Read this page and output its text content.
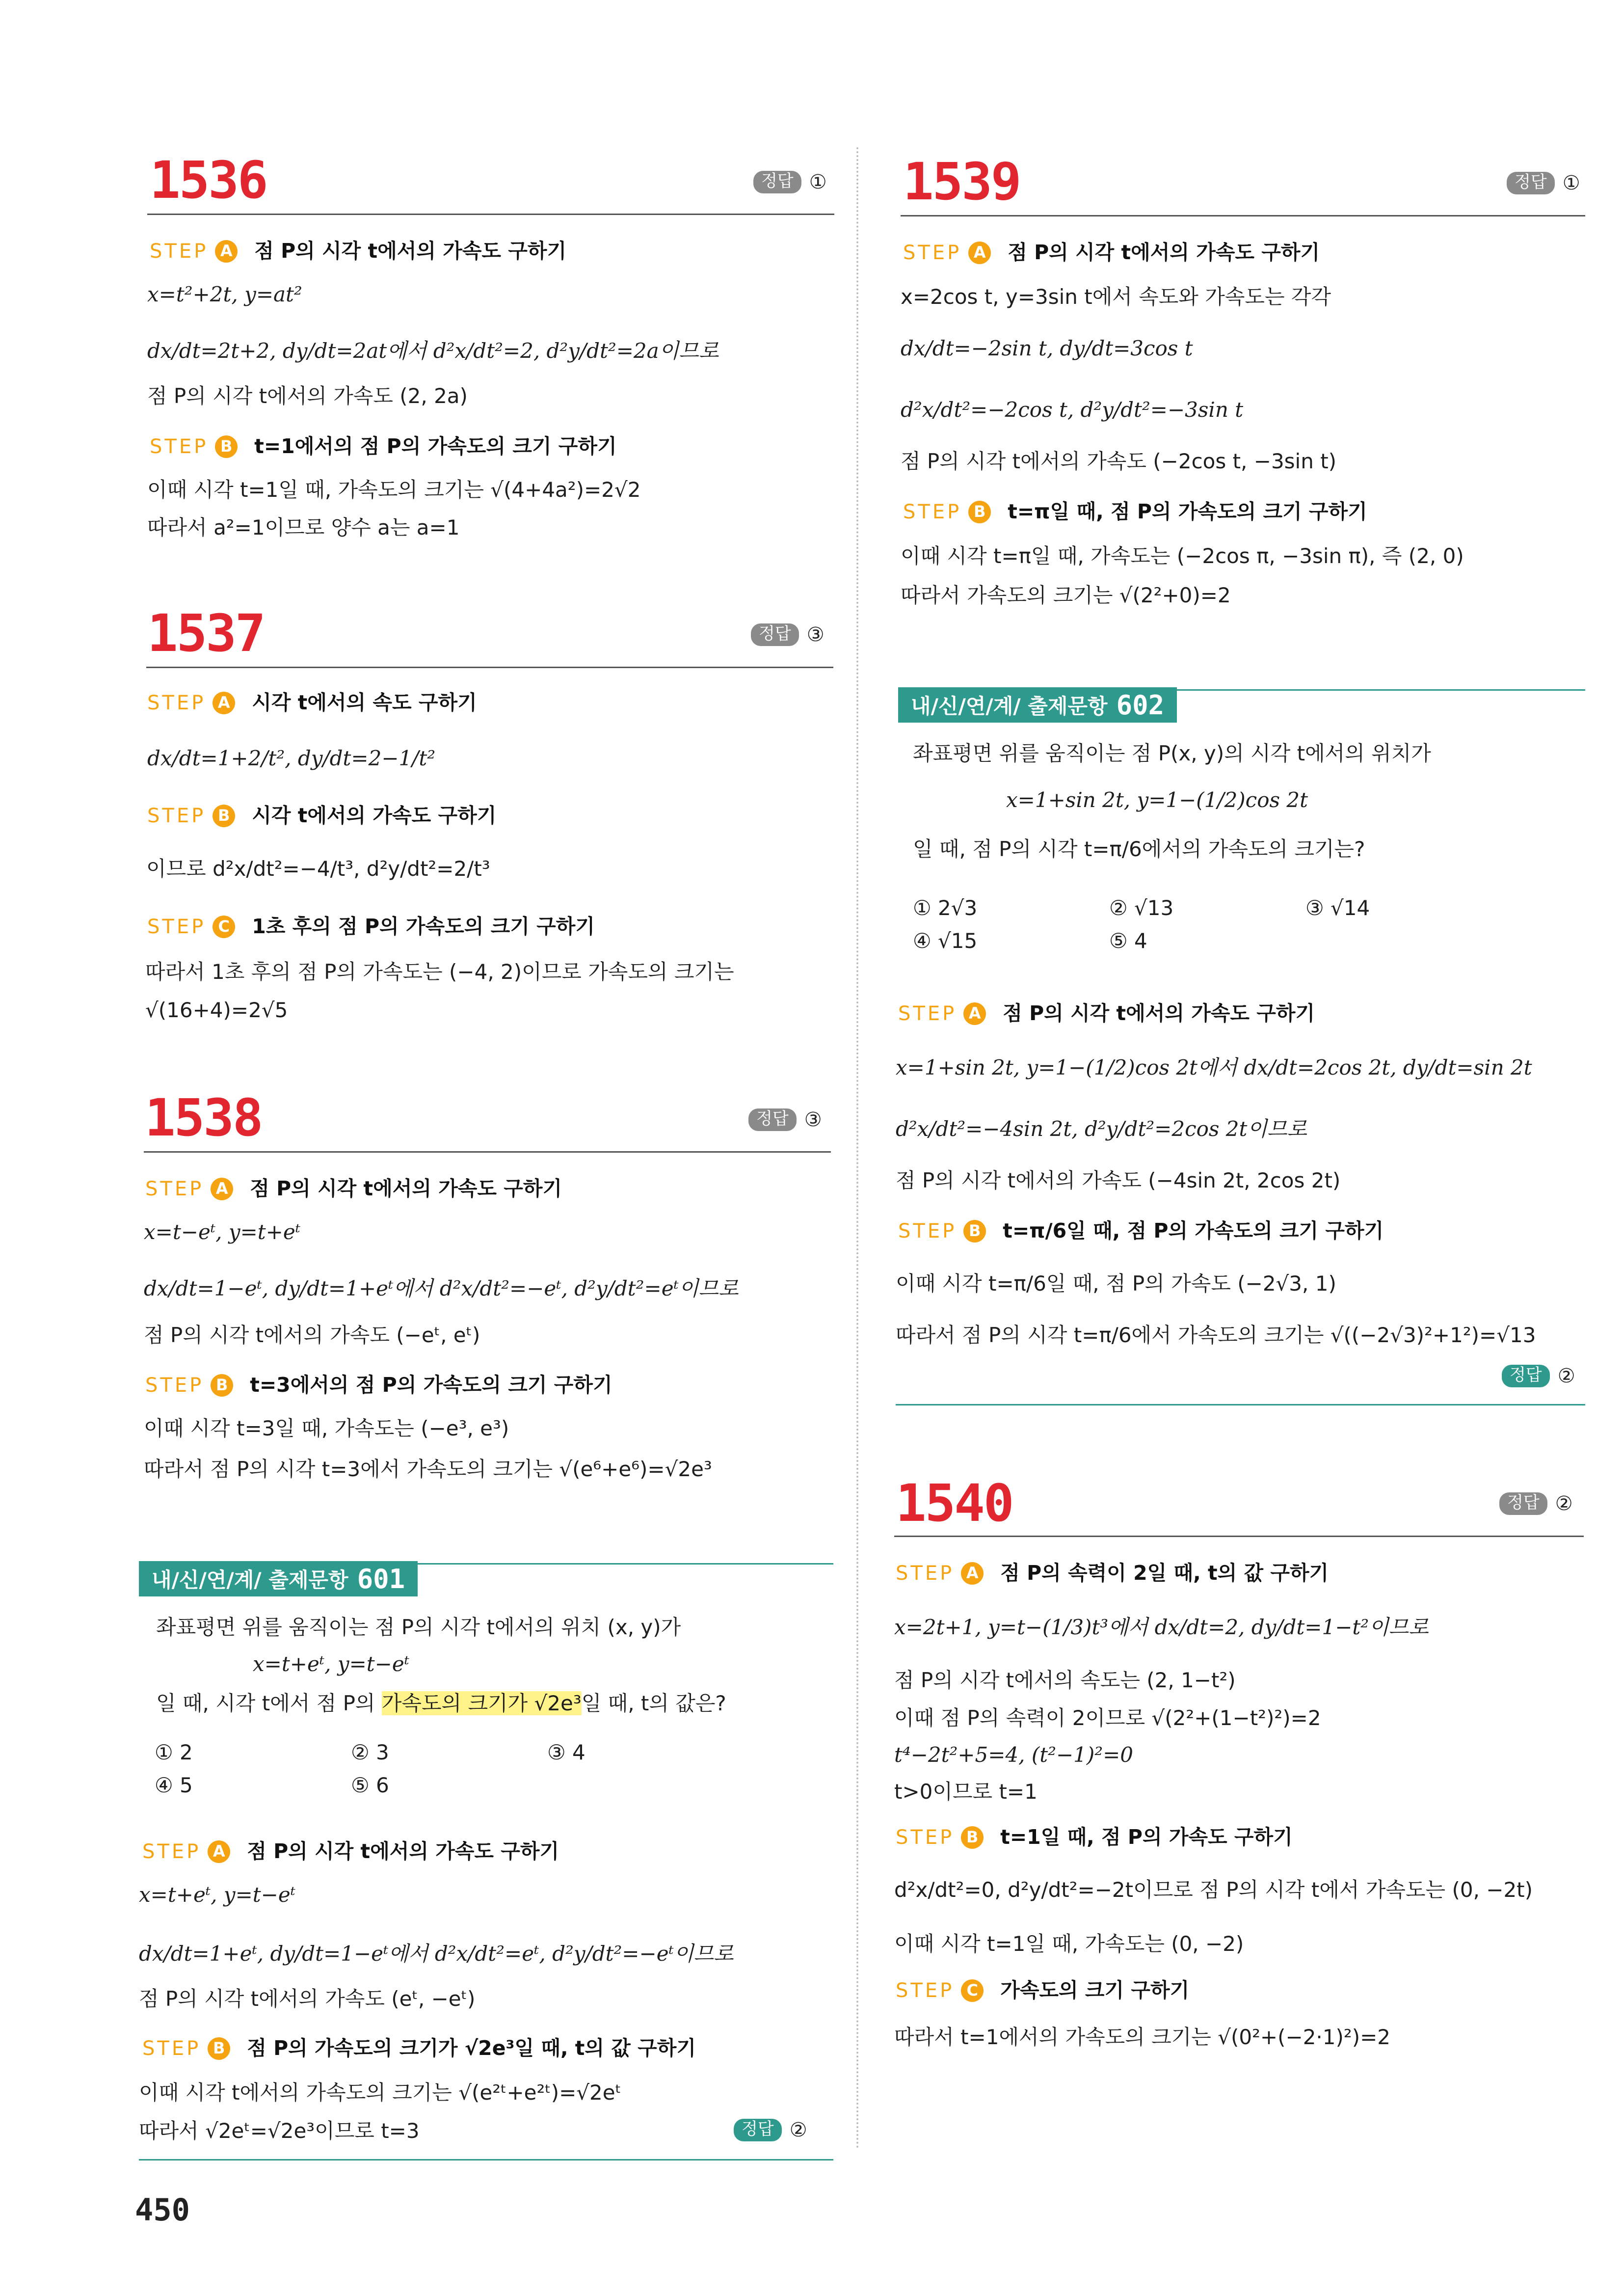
1536	정답 ①
STEP A 점 P의 시각 t에서의 가속도 구하기
x=t²+2t, y=at²
dx/dt=2t+2, dy/dt=2at에서 d²x/dt²=2, d²y/dt²=2a이므로
점 P의 시각 t에서의 가속도 (2, 2a)
STEP B t=1에서의 점 P의 가속도의 크기 구하기
이때 시각 t=1일 때, 가속도의 크기는 √(4+4a²)=2√2
따라서 a²=1이므로 양수 a는 a=1
1537	정답 ③
STEP A 시각 t에서의 속도 구하기
dx/dt=1+2/t², dy/dt=2−1/t²
STEP B 시각 t에서의 가속도 구하기
이므로 d²x/dt²=−4/t³, d²y/dt²=2/t³
STEP C 1초 후의 점 P의 가속도의 크기 구하기
따라서 1초 후의 점 P의 가속도는 (−4, 2)이므로 가속도의 크기는
√(16+4)=2√5
1538	정답 ③
STEP A 점 P의 시각 t에서의 가속도 구하기
x=t−eᵗ, y=t+eᵗ
dx/dt=1−eᵗ, dy/dt=1+eᵗ에서 d²x/dt²=−eᵗ, d²y/dt²=eᵗ이므로
점 P의 시각 t에서의 가속도 (−eᵗ, eᵗ)
STEP B t=3에서의 점 P의 가속도의 크기 구하기
이때 시각 t=3일 때, 가속도는 (−e³, e³)
따라서 점 P의 시각 t=3에서 가속도의 크기는 √(e⁶+e⁶)=√2e³
내/신/연/계/ 출제문항 601
좌표평면 위를 움직이는 점 P의 시각 t에서의 위치 (x, y)가
x=t+eᵗ, y=t−eᵗ
일 때, 시각 t에서 점 P의 가속도의 크기가 √2e³일 때, t의 값은?
① 2	② 3	③ 4
④ 5	⑤ 6
STEP A 점 P의 시각 t에서의 가속도 구하기
x=t+eᵗ, y=t−eᵗ
dx/dt=1+eᵗ, dy/dt=1−eᵗ에서 d²x/dt²=eᵗ, d²y/dt²=−eᵗ이므로
점 P의 시각 t에서의 가속도 (eᵗ, −eᵗ)
STEP B 점 P의 가속도의 크기가 √2e³일 때, t의 값 구하기
이때 시각 t에서의 가속도의 크기는 √(e²ᵗ+e²ᵗ)=√2eᵗ
따라서 √2eᵗ=√2e³이므로 t=3	정답 ②
1539	정답 ①
STEP A 점 P의 시각 t에서의 가속도 구하기
x=2cos t, y=3sin t에서 속도와 가속도는 각각
dx/dt=−2sin t, dy/dt=3cos t
d²x/dt²=−2cos t, d²y/dt²=−3sin t
점 P의 시각 t에서의 가속도 (−2cos t, −3sin t)
STEP B t=π일 때, 점 P의 가속도의 크기 구하기
이때 시각 t=π일 때, 가속도는 (−2cos π, −3sin π), 즉 (2, 0)
따라서 가속도의 크기는 √(2²+0)=2
내/신/연/계/ 출제문항 602
좌표평면 위를 움직이는 점 P(x, y)의 시각 t에서의 위치가
x=1+sin 2t, y=1−(1/2)cos 2t
일 때, 점 P의 시각 t=π/6에서의 가속도의 크기는?
① 2√3	② √13	③ √14
④ √15	⑤ 4
STEP A 점 P의 시각 t에서의 가속도 구하기
x=1+sin 2t, y=1−(1/2)cos 2t에서 dx/dt=2cos 2t, dy/dt=sin 2t
d²x/dt²=−4sin 2t, d²y/dt²=2cos 2t이므로
점 P의 시각 t에서의 가속도 (−4sin 2t, 2cos 2t)
STEP B t=π/6일 때, 점 P의 가속도의 크기 구하기
이때 시각 t=π/6일 때, 점 P의 가속도 (−2√3, 1)
따라서 점 P의 시각 t=π/6에서 가속도의 크기는 √((−2√3)²+1²)=√13
정답 ②
1540	정답 ②
STEP A 점 P의 속력이 2일 때, t의 값 구하기
x=2t+1, y=t−(1/3)t³에서 dx/dt=2, dy/dt=1−t²이므로
점 P의 시각 t에서의 속도는 (2, 1−t²)
이때 점 P의 속력이 2이므로 √(2²+(1−t²)²)=2
t⁴−2t²+5=4, (t²−1)²=0
t>0이므로 t=1
STEP B t=1일 때, 점 P의 가속도 구하기
d²x/dt²=0, d²y/dt²=−2t이므로 점 P의 시각 t에서 가속도는 (0, −2t)
이때 시각 t=1일 때, 가속도는 (0, −2)
STEP C 가속도의 크기 구하기
따라서 t=1에서의 가속도의 크기는 √(0²+(−2·1)²)=2
450
